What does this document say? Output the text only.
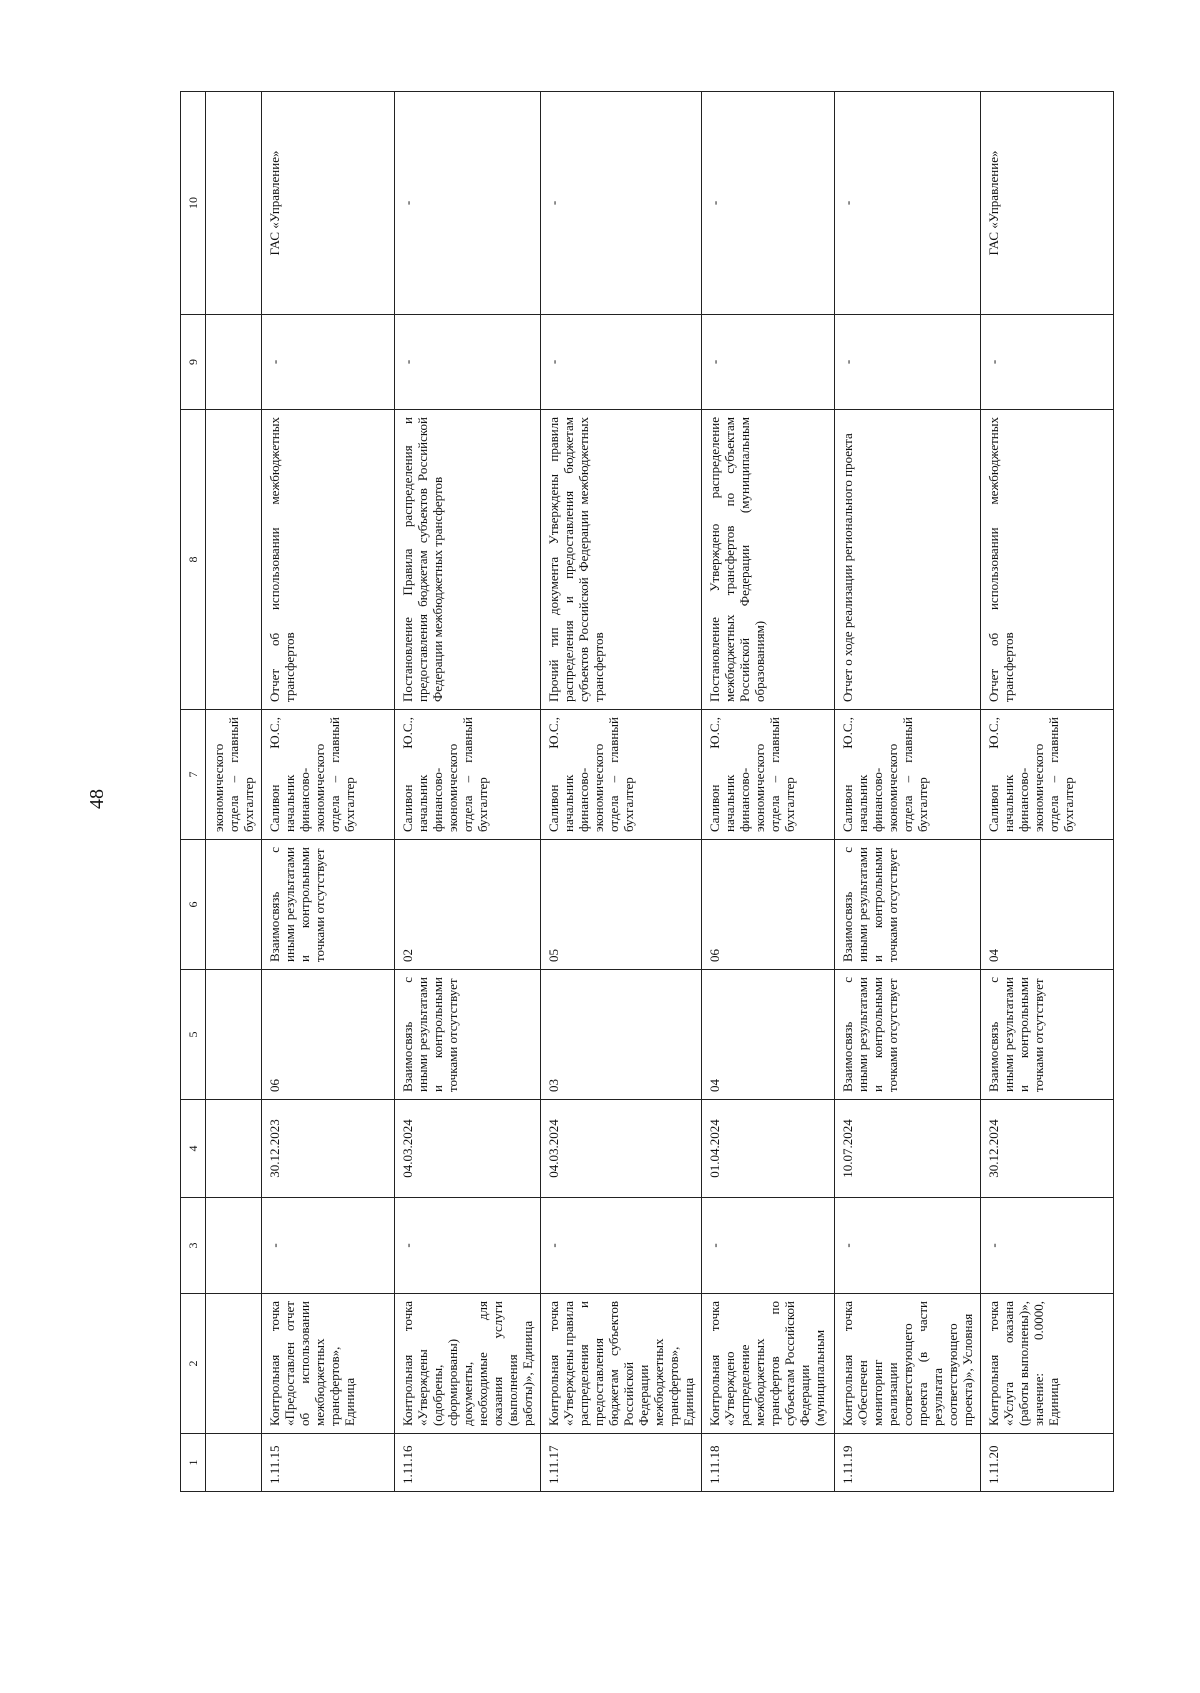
48
1	2	3	4	5	6	7	8	9	10
						экономического отдела – главный бухгалтер			
1.11.15	Контрольная точка «Предоставлен отчет об использовании межбюджетных трансфертов», Единица	-	30.12.2023	06	Взаимосвязь с иными результатами и контрольными точками отсутствует	Саливон Ю.С., начальник финансово-экономического отдела – главный бухгалтер	Отчет об использовании межбюджетных трансфертов	-	ГАС «Управление»
1.11.16	Контрольная точка «Утверждены (одобрены, сформированы) документы, необходимые для оказания услуги (выполнения работы)», Единица	-	04.03.2024	Взаимосвязь с иными результатами и контрольными точками отсутствует	02	Саливон Ю.С., начальник финансово-экономического отдела – главный бухгалтер	Постановление Правила распределения и предоставления бюджетам субъектов Российской Федерации межбюджетных трансфертов	-	-
1.11.17	Контрольная точка «Утверждены правила распределения и предоставления бюджетам субъектов Российской Федерации межбюджетных трансфертов», Единица	-	04.03.2024	03	05	Саливон Ю.С., начальник финансово-экономического отдела – главный бухгалтер	Прочий тип документа Утверждены правила распределения и предоставления бюджетам субъектов Российской Федерации межбюджетных трансфертов	-	-
1.11.18	Контрольная точка «Утверждено распределение межбюджетных трансфертов по субъектам Российской Федерации (муниципальным	-	01.04.2024	04	06	Саливон Ю.С., начальник финансово-экономического отдела – главный бухгалтер	Постановление Утверждено распределение межбюджетных трансфертов по субъектам Российской Федерации (муниципальным образованиям)	-	-
1.11.19	Контрольная точка «Обеспечен мониторинг реализации соответствующего проекта (в части результата соответствующего проекта)», Условная	-	10.07.2024	Взаимосвязь с иными результатами и контрольными точками отсутствует	Взаимосвязь с иными результатами и контрольными точками отсутствует	Саливон Ю.С., начальник финансово-экономического отдела – главный бухгалтер	Отчет о ходе реализации регионального проекта	-	-
1.11.20	Контрольная точка «Услуга оказана (работы выполнены)», значение: 0.0000, Единица	-	30.12.2024	Взаимосвязь с иными результатами и контрольными точками отсутствует	04	Саливон Ю.С., начальник финансово-экономического отдела – главный бухгалтер	Отчет об использовании межбюджетных трансфертов	-	ГАС «Управление»
